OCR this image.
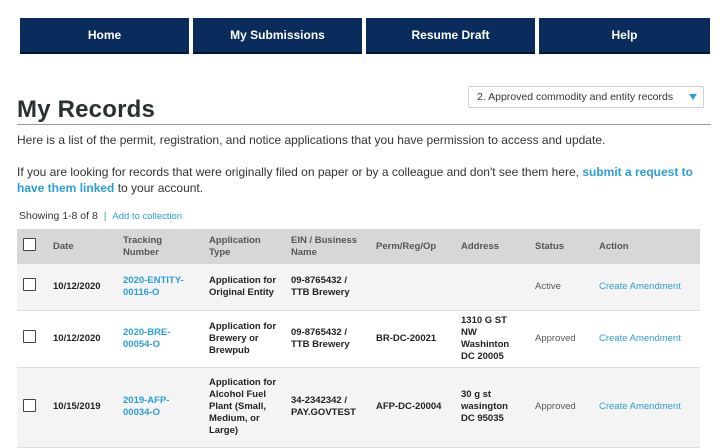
Home	My Submissions	Resume Draft	Help
My Records	2. Approved commodity and entity records
Here is a list of the permit, registration, and notice applications that you have permission to access and update.
If you are looking for records that were originally filed on paper or by a colleague and don't see them here, submit a request to have them linked to your account.
Showing 1-8 of 8 | Add to collection
	Date	Tracking Number	Application Type	EIN / Business Name	Perm/Reg/Op	Address	Status	Action
	10/12/2020	2020-ENTITY-00116-O	Application for Original Entity	09-8765432 / TTB Brewery			Active	Create Amendment
	10/12/2020	2020-BRE-00054-O	Application for Brewery or Brewpub	09-8765432 / TTB Brewery	BR-DC-20021	1310 G ST NW Washinton DC 20005	Approved	Create Amendment
	10/15/2019	2019-AFP-00034-O	Application for Alcohol Fuel Plant (Small, Medium, or Large)	34-2342342 / PAY.GOVTEST	AFP-DC-20004	30 g st wasington DC 95035	Approved	Create Amendment
